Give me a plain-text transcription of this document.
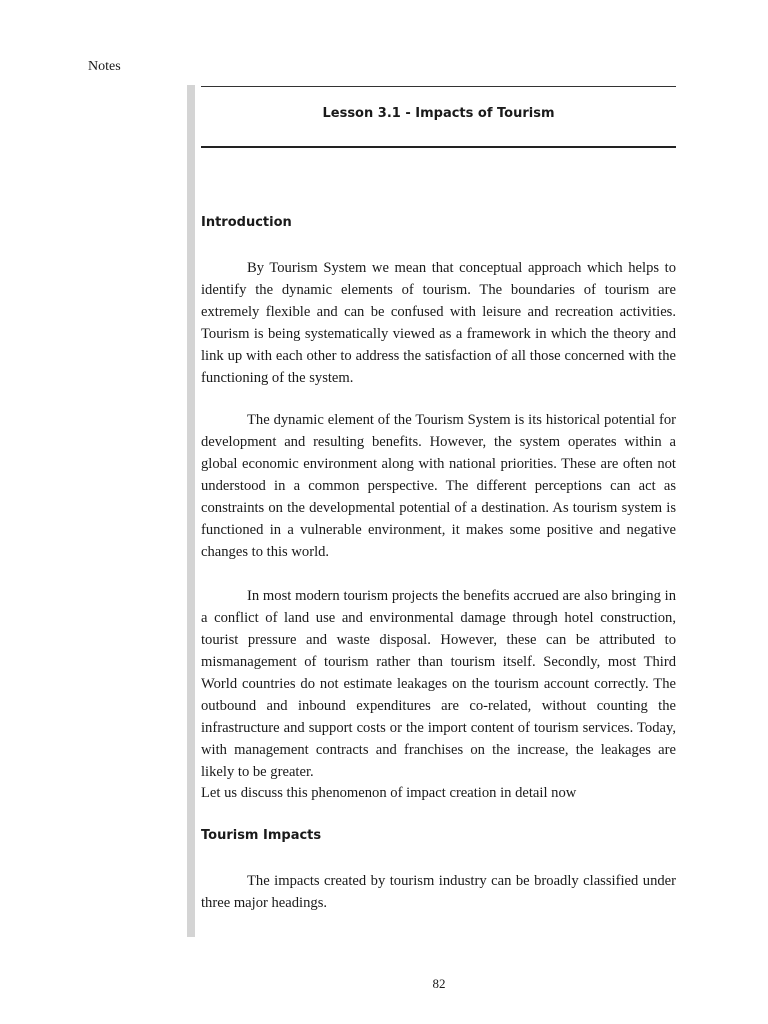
Notes
Lesson 3.1 - Impacts of Tourism
Introduction

By Tourism System we mean that conceptual approach which helps to identify the dynamic elements of tourism. The boundaries of tourism are extremely flexible and can be confused with leisure and recreation activities. Tourism is being systematically viewed as a framework in which the theory and link up with each other to address the satisfaction of all those concerned with the functioning of the system.

The dynamic element of the Tourism System is its historical potential for development and resulting benefits. However, the system operates within a global economic environment along with national priorities. These are often not understood in a common perspective. The different perceptions can act as constraints on the developmental potential of a destination. As tourism system is functioned in a vulnerable environment, it makes some positive and negative changes to this world.

In most modern tourism projects the benefits accrued are also bringing in a conflict of land use and environmental damage through hotel construction, tourist pressure and waste disposal. However, these can be attributed to mismanagement of tourism rather than tourism itself. Secondly, most Third World countries do not estimate leakages on the tourism account correctly. The outbound and inbound expenditures are co-related, without counting the infrastructure and support costs or the import content of tourism services. Today, with management contracts and franchises on the increase, the leakages are likely to be greater.

Let us discuss this phenomenon of impact creation in detail now

Tourism Impacts

The impacts created by tourism industry can be broadly classified under three major headings.

82
